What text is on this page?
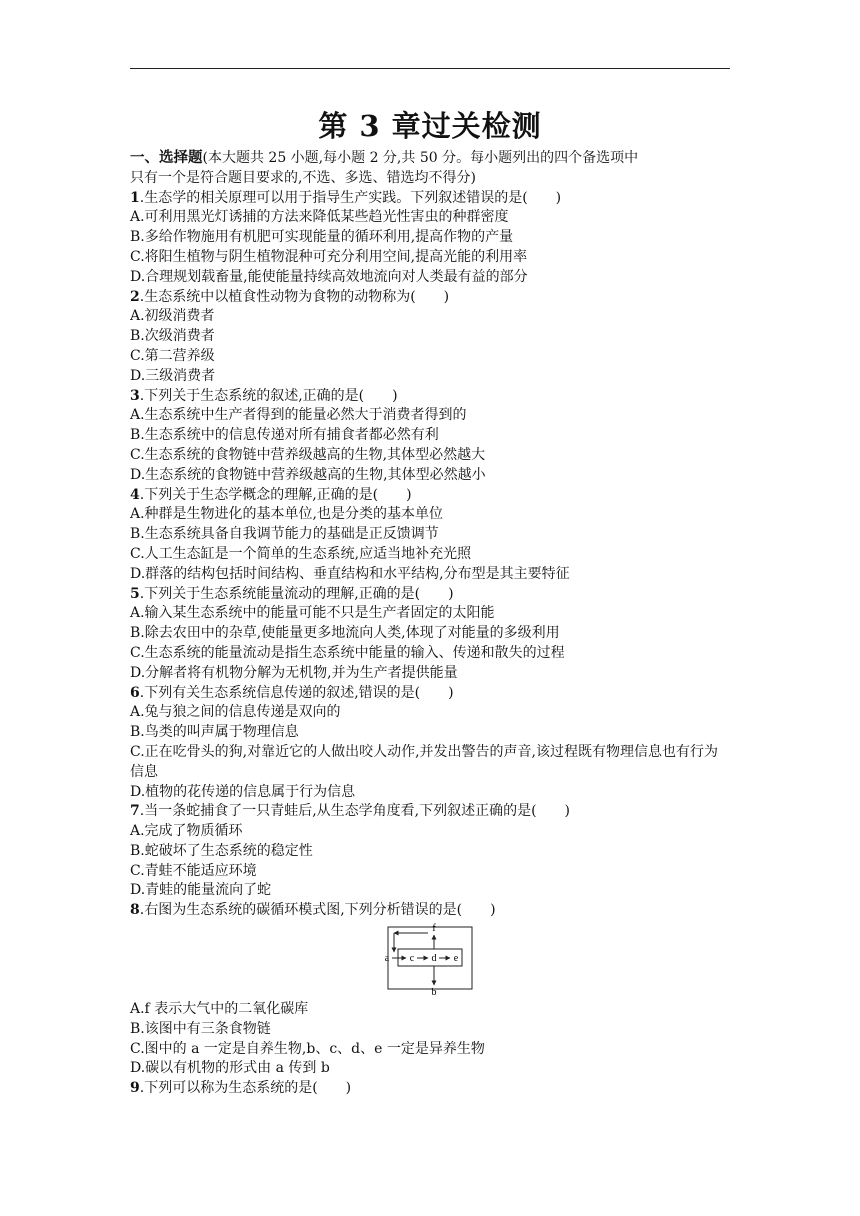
第 3 章过关检测
一、选择题(本大题共 25 小题,每小题 2 分,共 50 分。每小题列出的四个备选项中
只有一个是符合题目要求的,不选、多选、错选均不得分)
1.生态学的相关原理可以用于指导生产实践。下列叙述错误的是(　　)
A.可利用黑光灯诱捕的方法来降低某些趋光性害虫的种群密度
B.多给作物施用有机肥可实现能量的循环利用,提高作物的产量
C.将阳生植物与阴生植物混种可充分利用空间,提高光能的利用率
D.合理规划载畜量,能使能量持续高效地流向对人类最有益的部分
2.生态系统中以植食性动物为食物的动物称为(　　)
A.初级消费者
B.次级消费者
C.第二营养级
D.三级消费者
3.下列关于生态系统的叙述,正确的是(　　)
A.生态系统中生产者得到的能量必然大于消费者得到的
B.生态系统中的信息传递对所有捕食者都必然有利
C.生态系统的食物链中营养级越高的生物,其体型必然越大
D.生态系统的食物链中营养级越高的生物,其体型必然越小
4.下列关于生态学概念的理解,正确的是(　　)
A.种群是生物进化的基本单位,也是分类的基本单位
B.生态系统具备自我调节能力的基础是正反馈调节
C.人工生态缸是一个简单的生态系统,应适当地补充光照
D.群落的结构包括时间结构、垂直结构和水平结构,分布型是其主要特征
5.下列关于生态系统能量流动的理解,正确的是(　　)
A.输入某生态系统中的能量可能不只是生产者固定的太阳能
B.除去农田中的杂草,使能量更多地流向人类,体现了对能量的多级利用
C.生态系统的能量流动是指生态系统中能量的输入、传递和散失的过程
D.分解者将有机物分解为无机物,并为生产者提供能量
6.下列有关生态系统信息传递的叙述,错误的是(　　)
A.兔与狼之间的信息传递是双向的
B.鸟类的叫声属于物理信息
C.正在吃骨头的狗,对靠近它的人做出咬人动作,并发出警告的声音,该过程既有物理信息也有行为信息
D.植物的花传递的信息属于行为信息
7.当一条蛇捕食了一只青蛙后,从生态学角度看,下列叙述正确的是(　　)
A.完成了物质循环
B.蛇破坏了生态系统的稳定性
C.青蛙不能适应环境
D.青蛙的能量流向了蛇
8.右图为生态系统的碳循环模式图,下列分析错误的是(　　)
f
a c d e
b
A.f 表示大气中的二氧化碳库
B.该图中有三条食物链
C.图中的 a 一定是自养生物,b、c、d、e 一定是异养生物
D.碳以有机物的形式由 a 传到 b
9.下列可以称为生态系统的是(　　)
